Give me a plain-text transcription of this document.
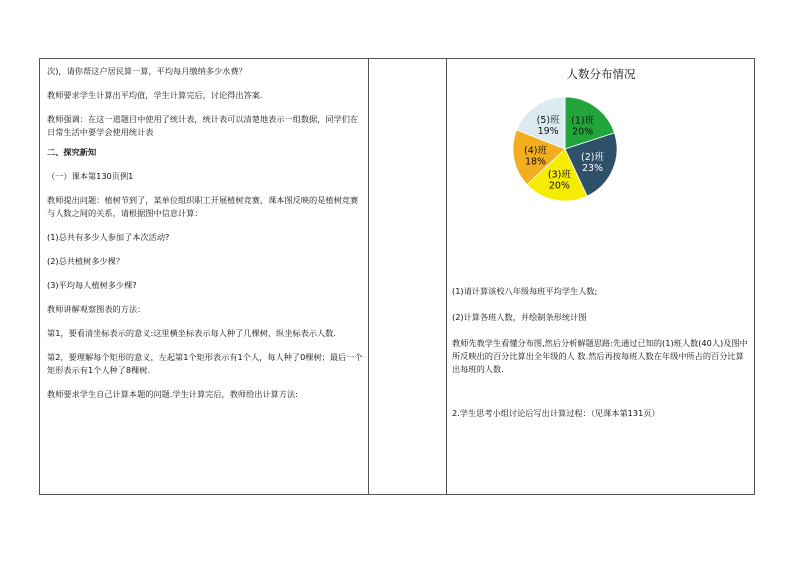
次)，请你帮这户居民算一算，平均每月缴纳多少水费？

教师要求学生计算出平均值，学生计算完后，讨论得出答案.

教师强调：在这一道题目中使用了统计表，统计表可以清楚地表示一组数据，同学们在日常生活中要学会使用统计表

二、探究新知

（一）课本第130页例1

教师提出问题：植树节到了，某单位组织职工开展植树竞赛，课本图反映的是植树竞赛与人数之间的关系，请根据图中信息计算：

(1)总共有多少人参加了本次活动?

(2)总共植树多少棵？

(3)平均每人植树多少棵?

教师讲解观察图表的方法：

第1，要看清坐标表示的意义:这里横坐标表示每人种了几棵树，纵坐标表示人数.

第2，要理解每个矩形的意义，左起第1个矩形表示有1个人，每人种了0棵树；最后一个矩形表示有1个人种了8棵树.

教师要求学生自己计算本题的问题.学生计算完后，教师给出计算方法:

人数分布情况
(1)班
20%
(2)班
23%
(3)班
20%
(4)班
18%
(5)班
19%

(1)请计算该校八年级每班平均学生人数;

(2)计算各班人数，并绘制条形统计图

教师先教学生看懂分布图,然后分析解题思路:先通过已知的(1)班人数(40人)及图中所反映出的百分比算出全年级的人 数.然后再按每班人数在年级中所占的百分比算出每班的人数.

2.学生思考小组讨论后写出计算过程：（见课本第131页）
